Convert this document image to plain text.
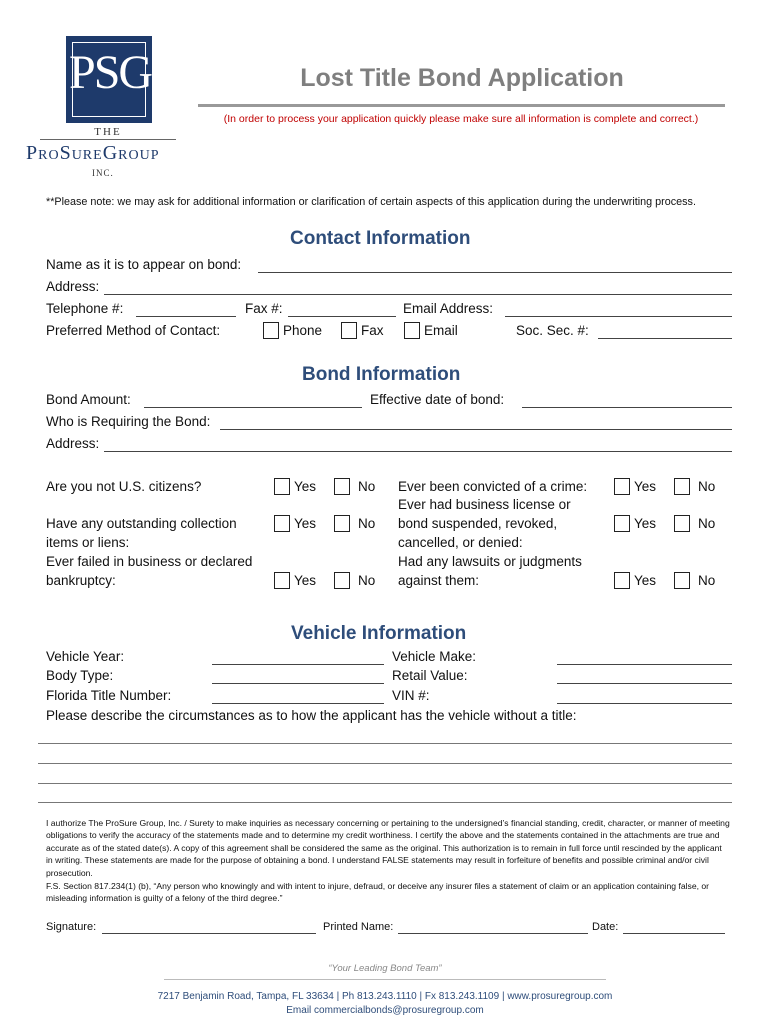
PSG
THE
ProSureGroup
INC.
Lost Title Bond Application
(In order to process your application quickly please make sure all information is complete and correct.)
**Please note: we may ask for additional information or clarification of certain aspects of this application during the underwriting process.
Contact Information
Name as it is to appear on bond:
Address:
Telephone #:	Fax #:	Email Address:
Preferred Method of Contact:	Phone	Fax	Email	Soc. Sec. #:
Bond Information
Bond Amount:	Effective date of bond:
Who is Requiring the Bond:
Address:
Are you not U.S. citizens?	Yes	No
Have any outstanding collection
items or liens:
Yes	No
Ever failed in business or declared
bankruptcy:	Yes	No
Ever been convicted of a crime:	Yes	No
Ever had business license or
bond suspended, revoked,
cancelled, or denied:
Yes	No
Had any lawsuits or judgments
against them:	Yes	No
Vehicle Information
Vehicle Year:	Vehicle Make:
Body Type:	Retail Value:
Florida Title Number:	VIN #:
Please describe the circumstances as to how the applicant has the vehicle without a title:
I authorize The ProSure Group, Inc. / Surety to make inquiries as necessary concerning or pertaining to the undersigned’s financial standing, credit, character, or manner of meeting obligations to verify the accuracy of the statements made and to determine my credit worthiness. I certify the above and the statements contained in the attachments are true and accurate as of the stated date(s). A copy of this agreement shall be considered the same as the original. This authorization is to remain in full force until rescinded by the applicant in writing. These statements are made for the purpose of obtaining a bond. I understand FALSE statements may result in forfeiture of benefits and possible criminal and/or civil prosecution.
F.S. Section 817.234(1) (b), “Any person who knowingly and with intent to injure, defraud, or deceive any insurer files a statement of claim or an application containing false, or misleading information is guilty of a felony of the third degree.”
Signature:	Printed Name:	Date:
“Your Leading Bond Team”
7217 Benjamin Road, Tampa, FL 33634 | Ph 813.243.1110 | Fx 813.243.1109 | www.prosuregroup.com
Email commercialbonds@prosuregroup.com
